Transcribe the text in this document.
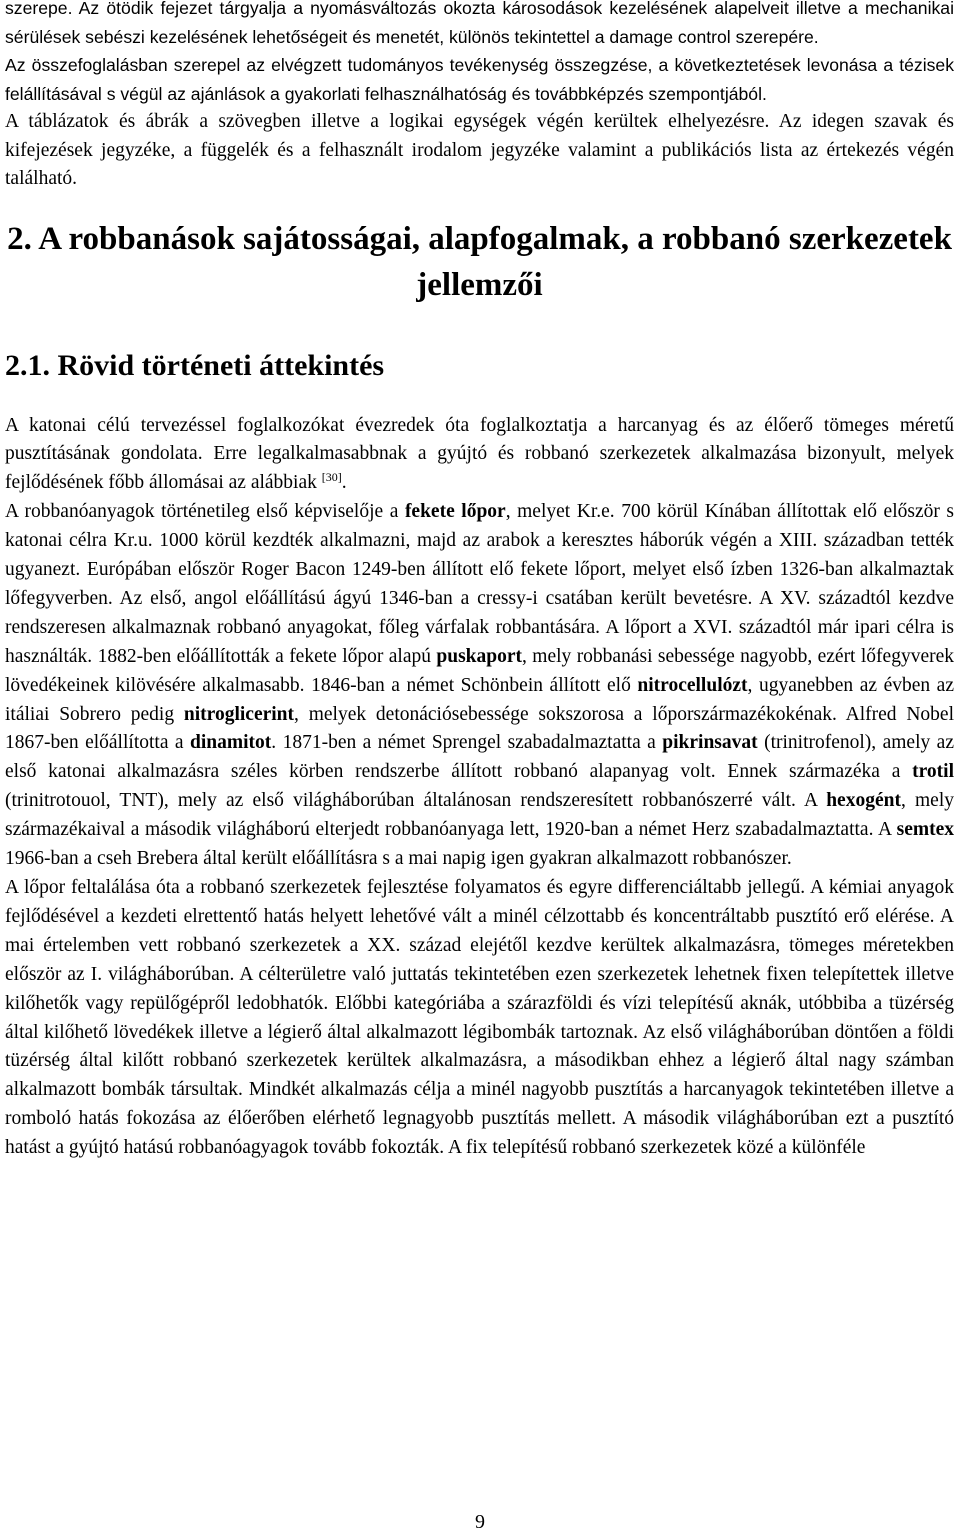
szerepe. Az ötödik fejezet tárgyalja a nyomásváltozás okozta károsodások kezelésének alapelveit illetve a mechanikai sérülések sebészi kezelésének lehetőségeit és menetét, különös tekintettel a damage control szerepére.
Az összefoglalásban szerepel az elvégzett tudományos tevékenység összegzése, a következtetések levonása a tézisek felállításával s végül az ajánlások a gyakorlati felhasználhatóság és továbbképzés szempontjából.

A táblázatok és ábrák a szövegben illetve a logikai egységek végén kerültek elhelyezésre. Az idegen szavak és kifejezések jegyzéke, a függelék és a felhasznált irodalom jegyzéke valamint a publikációs lista az értekezés végén található.

2. A robbanások sajátosságai, alapfogalmak, a robbanó szerkezetek jellemzői
2.1. Rövid történeti áttekintés

A katonai célú tervezéssel foglalkozókat évezredek óta foglalkoztatja a harcanyag és az élőerő tömeges méretű pusztításának gondolata. Erre legalkalmasabbnak a gyújtó és robbanó szerkezetek alkalmazása bizonyult, melyek fejlődésének főbb állomásai az alábbiak [30].
A robbanóanyagok történetileg első képviselője a fekete lőpor, melyet Kr.e. 700 körül Kínában állítottak elő először s katonai célra Kr.u. 1000 körül kezdték alkalmazni, majd az arabok a keresztes háborúk végén a XIII. században tették ugyanezt. Európában először Roger Bacon 1249-ben állított elő fekete lőport, melyet első ízben 1326-ban alkalmaztak lőfegyverben. Az első, angol előállítású ágyú 1346-ban a cressy-i csatában került bevetésre. A XV. századtól kezdve rendszeresen alkalmaznak robbanó anyagokat, főleg várfalak robbantására. A lőport a XVI. századtól már ipari célra is használták. 1882-ben előállították a fekete lőpor alapú puskaport, mely robbanási sebessége nagyobb, ezért lőfegyverek lövedékeinek kilövésére alkalmasabb. 1846-ban a német Schönbein állított elő nitrocellulózt, ugyanebben az évben az itáliai Sobrero pedig nitroglicerint, melyek detonációsebessége sokszorosa a lőporszármazékokénak. Alfred Nobel 1867-ben előállította a dinamitot. 1871-ben a német Sprengel szabadalmaztatta a pikrinsavat (trinitrofenol), amely az első katonai alkalmazásra széles körben rendszerbe állított robbanó alapanyag volt. Ennek származéka a trotil (trinitrotouol, TNT), mely az első világháborúban általánosan rendszeresített robbanószerré vált. A hexogént, mely származékaival a második világháború elterjedt robbanóanyaga lett, 1920-ban a német Herz szabadalmaztatta. A semtex 1966-ban a cseh Brebera által került előállításra s a mai napig igen gyakran alkalmazott robbanószer.

A lőpor feltalálása óta a robbanó szerkezetek fejlesztése folyamatos és egyre differenciáltabb jellegű. A kémiai anyagok fejlődésével a kezdeti elrettentő hatás helyett lehetővé vált a minél célzottabb és koncentráltabb pusztító erő elérése. A mai értelemben vett robbanó szerkezetek a XX. század elejétől kezdve kerültek alkalmazásra, tömeges méretekben először az I. világháborúban. A célterületre való juttatás tekintetében ezen szerkezetek lehetnek fixen telepítettek illetve kilőhetők vagy repülőgépről ledobhatók. Előbbi kategóriába a szárazföldi és vízi telepítésű aknák, utóbbiba a tüzérség által kilőhető lövedékek illetve a légierő által alkalmazott légibombák tartoznak. Az első világháborúban döntően a földi tüzérség által kilőtt robbanó szerkezetek kerültek alkalmazásra, a másodikban ehhez a légierő által nagy számban alkalmazott bombák társultak. Mindkét alkalmazás célja a minél nagyobb pusztítás a harcanyagok tekintetében illetve a romboló hatás fokozása az élőerőben elérhető legnagyobb pusztítás mellett. A második világháborúban ezt a pusztító hatást a gyújtó hatású robbanóagyagok tovább fokozták. A fix telepítésű robbanó szerkezetek közé a különféle

9
